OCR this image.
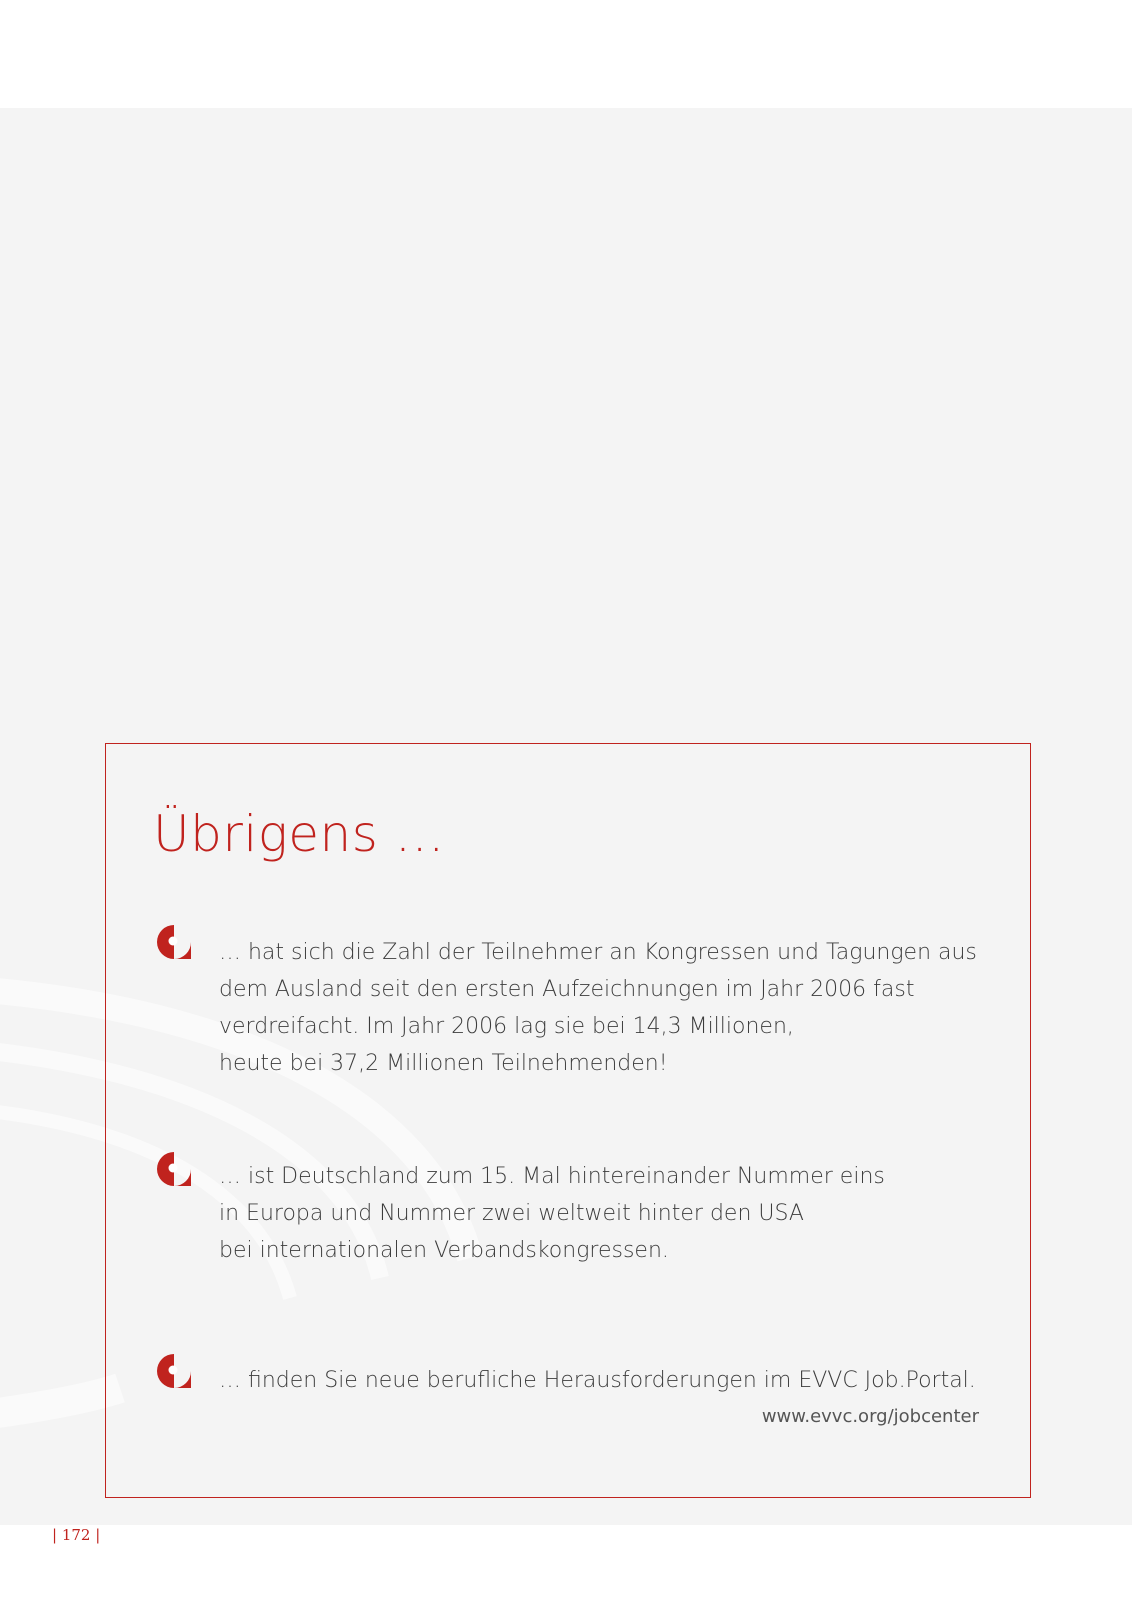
Übrigens …

… hat sich die Zahl der Teilnehmer an Kongressen und Tagungen aus
dem Ausland seit den ersten Aufzeichnungen im Jahr 2006 fast
verdreifacht. Im Jahr 2006 lag sie bei 14,3 Millionen,
heute bei 37,2 Millionen Teilnehmenden!

… ist Deutschland zum 15. Mal hintereinander Nummer eins
in Europa und Nummer zwei weltweit hinter den USA
bei internationalen Verbandskongressen.

… finden Sie neue berufliche Herausforderungen im EVVC Job.Portal.

www.evvc.org/jobcenter

| 172 |
